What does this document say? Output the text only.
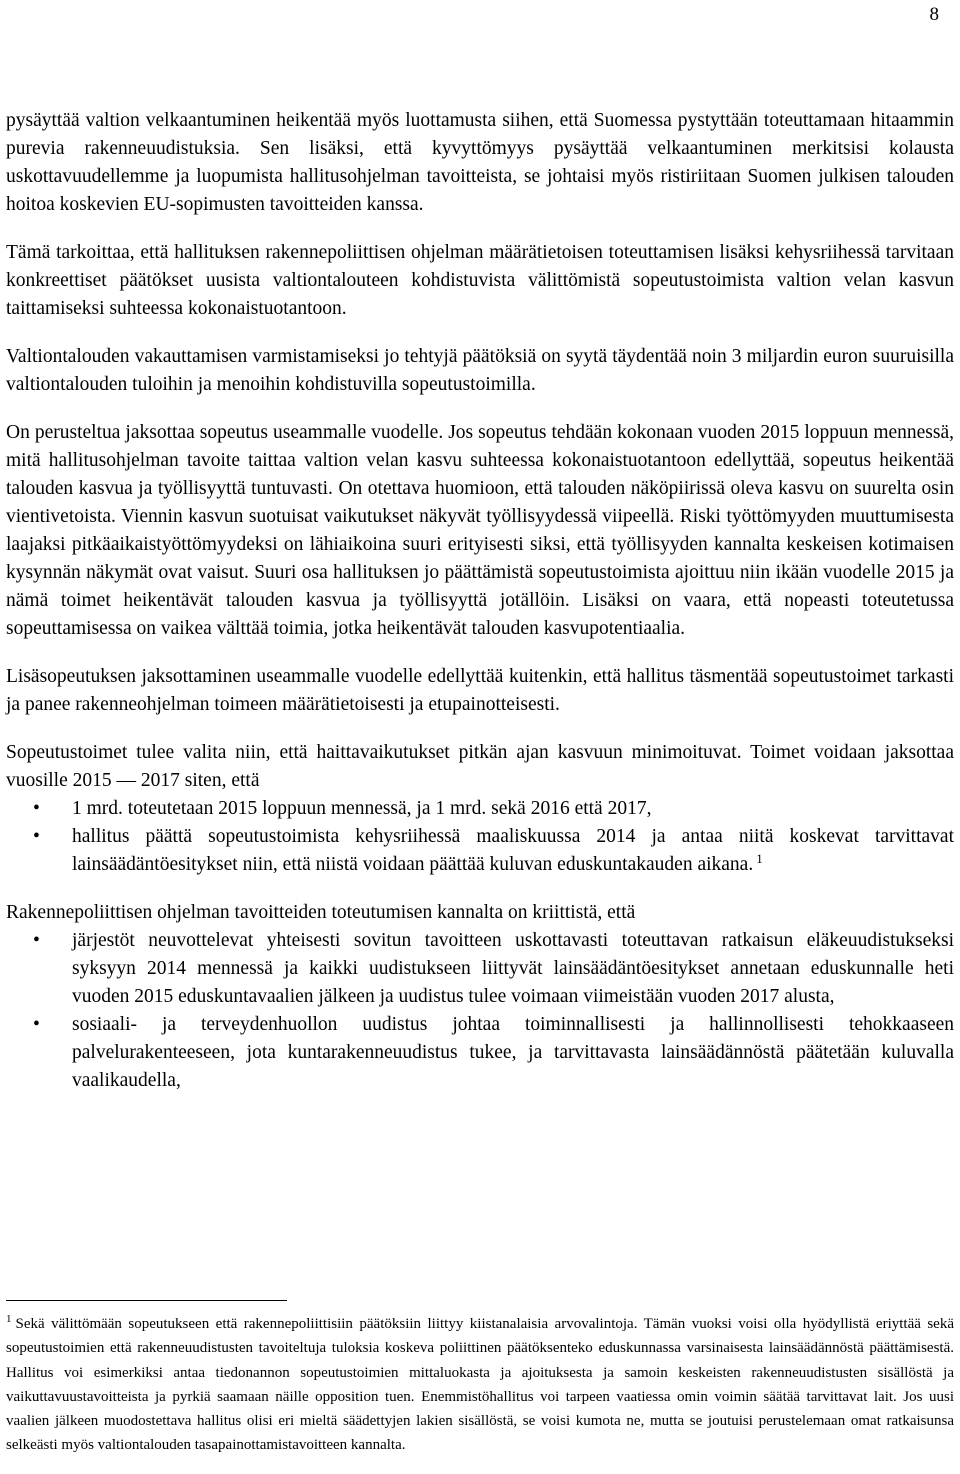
8

pysäyttää valtion velkaantuminen heikentää myös luottamusta siihen, että Suomessa pystyttään toteuttamaan hitaammin purevia rakenneuudistuksia. Sen lisäksi, että kyvyttömyys pysäyttää velkaantuminen merkitsisi kolausta uskottavuudellemme ja luopumista hallitusohjelman tavoitteista, se johtaisi myös ristiriitaan Suomen julkisen talouden hoitoa koskevien EU-sopimusten tavoitteiden kanssa.

Tämä tarkoittaa, että hallituksen rakennepoliittisen ohjelman määrätietoisen toteuttamisen lisäksi kehysriihessä tarvitaan konkreettiset päätökset uusista valtiontalouteen kohdistuvista välittömistä sopeutustoimista valtion velan kasvun taittamiseksi suhteessa kokonaistuotantoon.

Valtiontalouden vakauttamisen varmistamiseksi jo tehtyjä päätöksiä on syytä täydentää noin 3 miljardin euron suuruisilla valtiontalouden tuloihin ja menoihin kohdistuvilla sopeutustoimilla.

On perusteltua jaksottaa sopeutus useammalle vuodelle. Jos sopeutus tehdään kokonaan vuoden 2015 loppuun mennessä, mitä hallitusohjelman tavoite taittaa valtion velan kasvu suhteessa kokonaistuotantoon edellyttää, sopeutus heikentää talouden kasvua ja työllisyyttä tuntuvasti. On otettava huomioon, että talouden näköpiirissä oleva kasvu on suurelta osin vientivetoista. Viennin kasvun suotuisat vaikutukset näkyvät työllisyydessä viipeellä. Riski työttömyyden muuttumisesta laajaksi pitkäaikaistyöttömyydeksi on lähiaikoina suuri erityisesti siksi, että työllisyyden kannalta keskeisen kotimaisen kysynnän näkymät ovat vaisut. Suuri osa hallituksen jo päättämistä sopeutustoimista ajoittuu niin ikään vuodelle 2015 ja nämä toimet heikentävät talouden kasvua ja työllisyyttä jotällöin. Lisäksi on vaara, että nopeasti toteutetussa sopeuttamisessa on vaikea välttää toimia, jotka heikentävät talouden kasvupotentiaalia.

Lisäsopeutuksen jaksottaminen useammalle vuodelle edellyttää kuitenkin, että hallitus täsmentää sopeutustoimet tarkasti ja panee rakenneohjelman toimeen määrätietoisesti ja etupainotteisesti.

Sopeutustoimet tulee valita niin, että haittavaikutukset pitkän ajan kasvuun minimoituvat. Toimet voidaan jaksottaa vuosille 2015 — 2017 siten, että

• 1 mrd. toteutetaan 2015 loppuun mennessä, ja 1 mrd. sekä 2016 että 2017,
• hallitus päättä sopeutustoimista kehysriihessä maaliskuussa 2014 ja antaa niitä koskevat tarvittavat lainsäädäntöesitykset niin, että niistä voidaan päättää kuluvan eduskuntakauden aikana. $^1$

Rakennepoliittisen ohjelman tavoitteiden toteutumisen kannalta on kriittistä, että

• järjestöt neuvottelevat yhteisesti sovitun tavoitteen uskottavasti toteuttavan ratkaisun eläkeuudistukseksi syksyyn 2014 mennessä ja kaikki uudistukseen liittyvät lainsäädäntöesitykset annetaan eduskunnalle heti vuoden 2015 eduskuntavaalien jälkeen ja uudistus tulee voimaan viimeistään vuoden 2017 alusta,
• sosiaali- ja terveydenhuollon uudistus johtaa toiminnallisesti ja hallinnollisesti tehokkaaseen palvelurakenteeseen, jota kuntarakenneuudistus tukee, ja tarvittavasta lainsäädännöstä päätetään kuluvalla vaalikaudella,

$^1$ Sekä välittömään sopeutukseen että rakennepoliittisiin päätöksiin liittyy kiistanalaisia arvovalintoja. Tämän vuoksi voisi olla hyödyllistä eriyttää sekä sopeutustoimien että rakenneuudistusten tavoiteltuja tuloksia koskeva poliittinen päätöksenteko eduskunnassa varsinaisesta lainsäädännöstä päättämisestä. Hallitus voi esimerkiksi antaa tiedonannon sopeutustoimien mittaluokasta ja ajoituksesta ja samoin keskeisten rakenneuudistusten sisällöstä ja vaikuttavuustavoitteista ja pyrkiä saamaan näille opposition tuen. Enemmistöhallitus voi tarpeen vaatiessa omin voimin säätää tarvittavat lait. Jos uusi vaalien jälkeen muodostettava hallitus olisi eri mieltä säädettyjen lakien sisällöstä, se voisi kumota ne, mutta se joutuisi perustelemaan omat ratkaisunsa selkeästi myös valtiontalouden tasapainottamistavoitteen kannalta.
